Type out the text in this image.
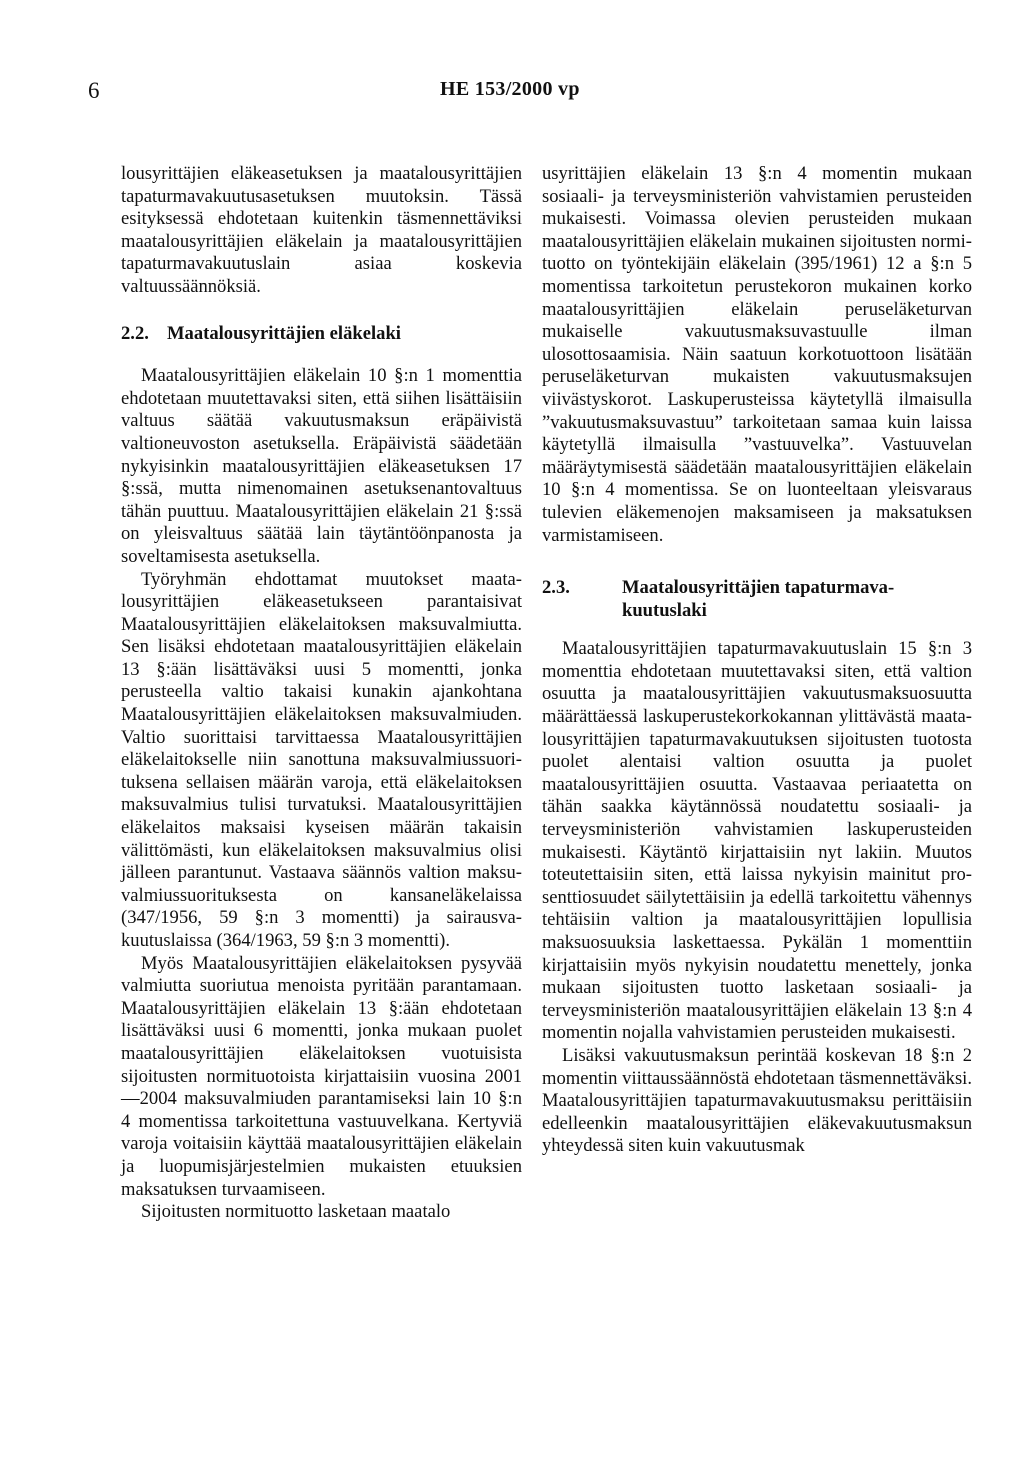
6	HE 153/2000 vp

lousyrittäjien eläkeasetuksen ja maatalousyrittäjien tapaturmavakuutusasetuksen muutoksin. Tässä esityksessä ehdotetaan kuitenkin täsmennettäviksi maatalousyrittäjien eläkelain ja maatalousyrittäjien tapaturmavakuutuslain asiaa koskevia valtuussäännöksiä.

2.2. Maatalousyrittäjien eläkelaki

Maatalousyrittäjien eläkelain 10 §:n 1 momenttia ehdotetaan muutettavaksi siten, että siihen lisättäisiin valtuus säätää vakuutusmaksun eräpäivistä valtioneuvoston asetuksella. Eräpäivistä säädetään nykyisinkin maatalousyrittäjien eläkeasetuksen 17 §:ssä, mutta nimenomainen asetuksenantovaltuus tähän puuttuu. Maatalousyrittäjien eläkelain 21 §:ssä on yleisvaltuus säätää lain täytäntöönpanosta ja soveltamisesta asetuksella.

Työryhmän ehdottamat muutokset maatalousyrittäjien eläkeasetukseen parantaisivat Maatalousyrittäjien eläkelaitoksen maksuvalmiutta. Sen lisäksi ehdotetaan maatalousyrittäjien eläkelain 13 §:ään lisättäväksi uusi 5 momentti, jonka perusteella valtio takaisi kunakin ajankohtana Maatalousyrittäjien eläkelaitoksen maksuvalmiuden. Valtio suorittaisi tarvittaessa Maatalousyrittäjien eläkelaitokselle niin sanottuna maksuvalmiussuorituksena sellaisen määrän varoja, että eläkelaitoksen maksuvalmius tulisi turvatuksi. Maatalousyrittäjien eläkelaitos maksaisi kyseisen määrän takaisin välittömästi, kun eläkelaitoksen maksuvalmius olisi jälleen parantunut. Vastaava säännös valtion maksuvalmiussuorituksesta on kansaneläkelaissa (347/1956, 59 §:n 3 momentti) ja sairausvakuutuslaissa (364/1963, 59 §:n 3 momentti).

Myös Maatalousyrittäjien eläkelaitoksen pysyvää valmiutta suoriutua menoista pyritään parantamaan. Maatalousyrittäjien eläkelain 13 §:ään ehdotetaan lisättäväksi uusi 6 momentti, jonka mukaan puolet maatalousyrittäjien eläkelaitoksen vuotuisista sijoitusten normituotoista kirjattaisiin vuosina 2001—2004 maksuvalmiuden parantamiseksi lain 10 §:n 4 momentissa tarkoitettuna vastuuvelkana. Kertyviä varoja voitaisiin käyttää maatalousyrittäjien eläkelain ja luopumisjärjestelmien mukaisten etuuksien maksatuksen turvaamiseen.

Sijoitusten normituotto lasketaan maatalo

usyrittäjien eläkelain 13 §:n 4 momentin mukaan sosiaali- ja terveysministeriön vahvistamien perusteiden mukaisesti. Voimassa olevien perusteiden mukaan maatalousyrittäjien eläkelain mukainen sijoitusten normituotto on työntekijäin eläkelain (395/1961) 12 a §:n 5 momentissa tarkoitetun perustekoron mukainen korko maatalousyrittäjien eläkelain peruseläketurvan mukaiselle vakuutusmaksuvastuulle ilman ulosottosaamisia. Näin saatuun korkotuottoon lisätään peruseläketurvan mukaisten vakuutusmaksujen viivästyskorot. Laskuperusteissa käytetyllä ilmaisulla ”vakuutusmaksuvastuu” tarkoitetaan samaa kuin laissa käytetyllä ilmaisulla ”vastuuvelka”. Vastuuvelan määräytymisestä säädetään maatalousyrittäjien eläkelain 10 §:n 4 momentissa. Se on luonteeltaan yleisvaraus tulevien eläkemenojen maksamiseen ja maksatuksen varmistamiseen.

2.3.	Maatalousyrittäjien tapaturmavakuutuslaki

Maatalousyrittäjien tapaturmavakuutuslain 15 §:n 3 momenttia ehdotetaan muutettavaksi siten, että valtion osuutta ja maatalousyrittäjien vakuutusmaksuosuutta määrättäessä laskuperustekorkokannan ylittävästä maatalousyrittäjien tapaturmavakuutuksen sijoitusten tuotosta puolet alentaisi valtion osuutta ja puolet maatalousyrittäjien osuutta. Vastaavaa periaatetta on tähän saakka käytännössä noudatettu sosiaali- ja terveysministeriön vahvistamien laskuperusteiden mukaisesti. Käytäntö kirjattaisiin nyt lakiin. Muutos toteutettaisiin siten, että laissa nykyisin mainitut prosenttiosuudet säilytettäisiin ja edellä tarkoitettu vähennys tehtäisiin valtion ja maatalousyrittäjien lopullisia maksuosuuksia laskettaessa. Pykälän 1 momenttiin kirjattaisiin myös nykyisin noudatettu menettely, jonka mukaan sijoitusten tuotto lasketaan sosiaali- ja terveysministeriön maatalousyrittäjien eläkelain 13 §:n 4 momentin nojalla vahvistamien perusteiden mukaisesti.

Lisäksi vakuutusmaksun perintää koskevan 18 §:n 2 momentin viittaussäännöstä ehdotetaan täsmennettäväksi. Maatalousyrittäjien tapaturmavakuutusmaksu perittäisiin edelleenkin maatalousyrittäjien eläkevakuutusmaksun yhteydessä siten kuin vakuutusmak
